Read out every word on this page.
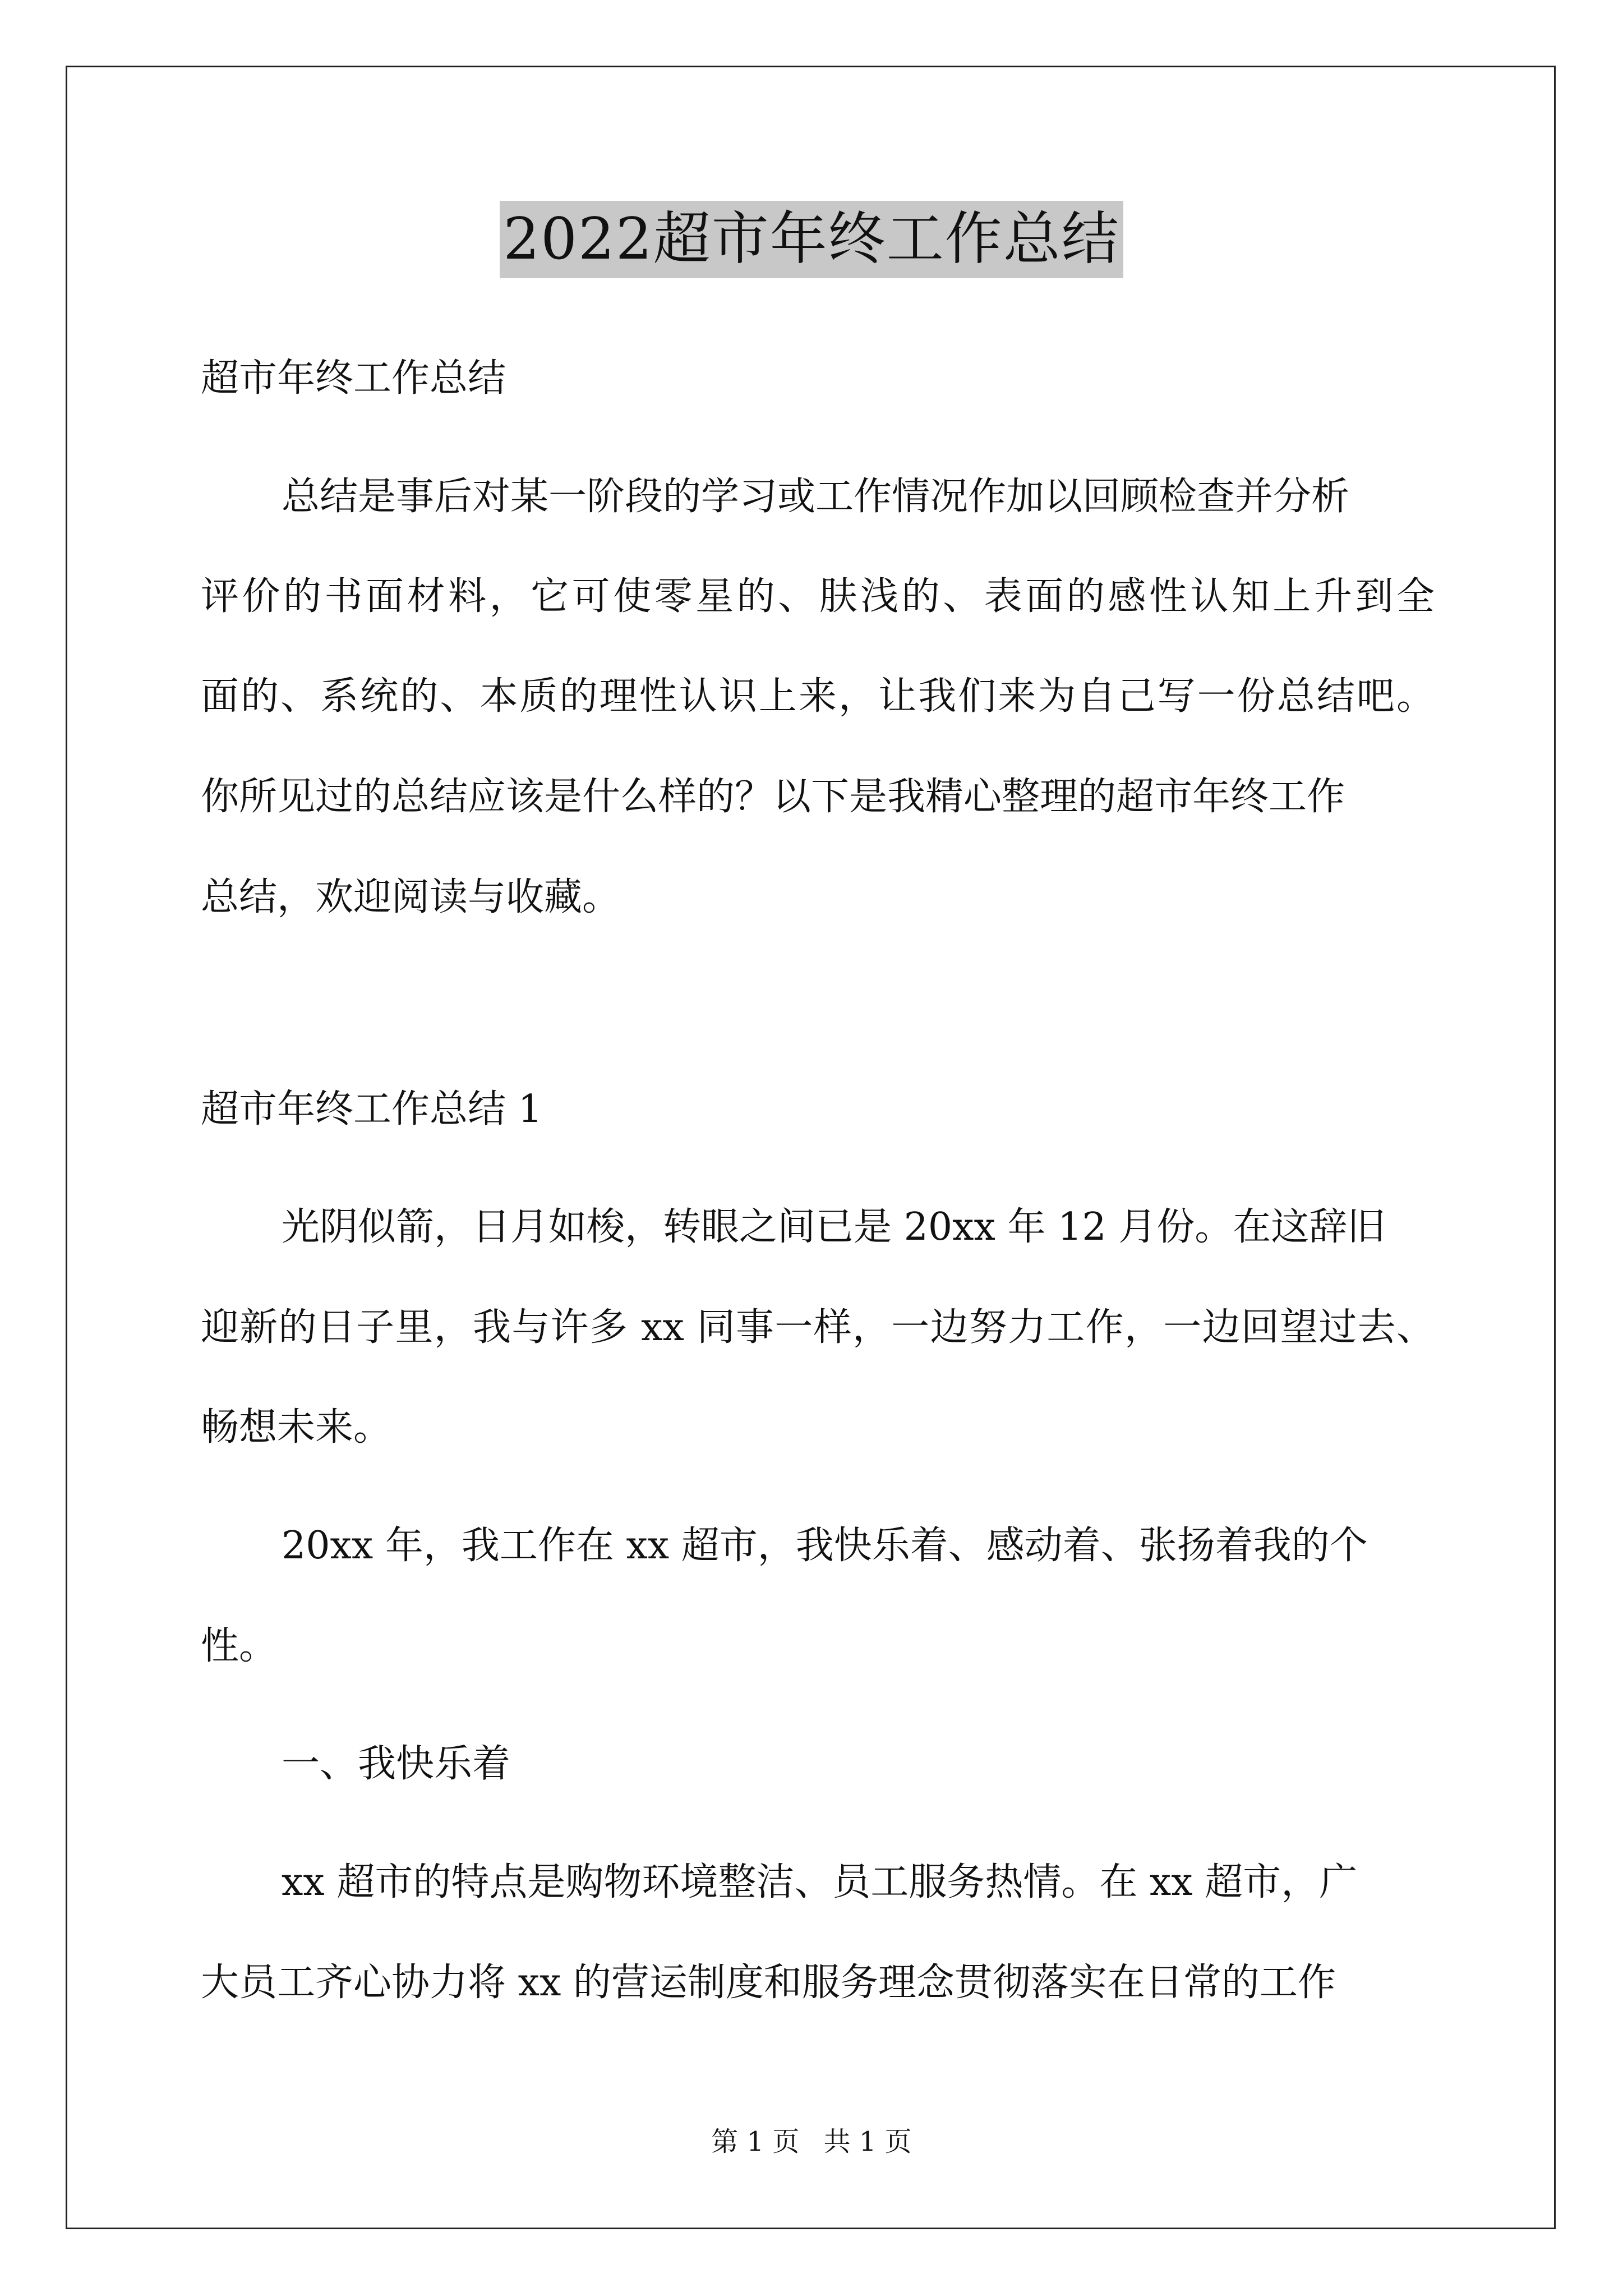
2022超市年终工作总结
超市年终工作总结
总结是事后对某一阶段的学习或工作情况作加以回顾检查并分析
评价的书面材料，它可使零星的、肤浅的、表面的感性认知上升到全
面的、系统的、本质的理性认识上来，让我们来为自己写一份总结吧。
你所见过的总结应该是什么样的？以下是我精心整理的超市年终工作
总结，欢迎阅读与收藏。
超市年终工作总结 1
光阴似箭，日月如梭，转眼之间已是 20xx 年 12 月份。在这辞旧
迎新的日子里，我与许多 xx 同事一样，一边努力工作，一边回望过去、
畅想未来。
20xx 年，我工作在 xx 超市，我快乐着、感动着、张扬着我的个
性。
一、我快乐着
xx 超市的特点是购物环境整洁、员工服务热情。在 xx 超市，广
大员工齐心协力将 xx 的营运制度和服务理念贯彻落实在日常的工作
第 1 页 共 1 页
